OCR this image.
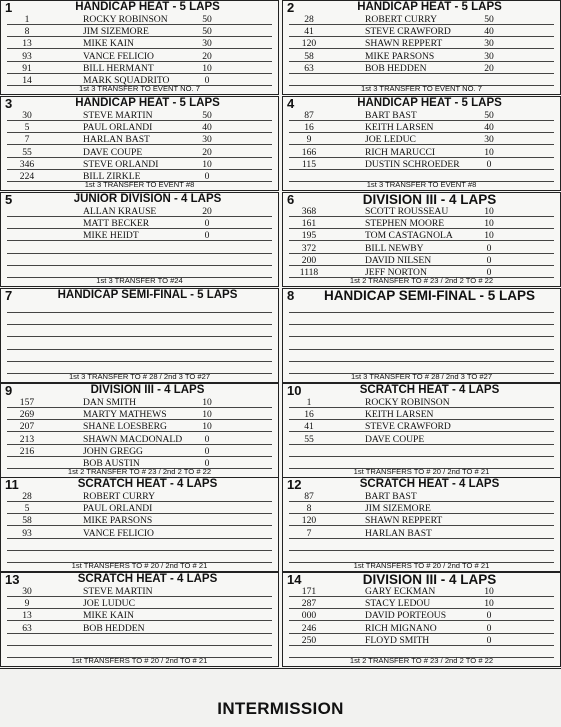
1	HANDICAP HEAT - 5 LAPS
1	ROCKY ROBINSON	50
8	JIM SIZEMORE	50
13	MIKE KAIN	30
93	VANCE FELICIO	20
91	BILL HERMANT	10
14	MARK SQUADRITO	0
1st 3 TRANSFER TO EVENT NO. 7
2	HANDICAP HEAT - 5 LAPS
28	ROBERT CURRY	50
41	STEVE CRAWFORD	40
120	SHAWN REPPERT	30
58	MIKE PARSONS	30
63	BOB HEDDEN	20
1st 3 TRANSFER TO EVENT NO. 7
3	HANDICAP HEAT - 5 LAPS
30	STEVE MARTIN	50
5	PAUL ORLANDI	40
7	HARLAN BAST	30
55	DAVE COUPE	20
346	STEVE ORLANDI	10
224	BILL ZIRKLE	0
1st 3 TRANSFER TO EVENT #8
4	HANDICAP HEAT - 5 LAPS
87	BART BAST	50
16	KEITH LARSEN	40
9	JOE LEDUC	30
166	RICH MARUCCI	10
115	DUSTIN SCHROEDER	0
1st 3 TRANSFER TO EVENT #8
5	JUNIOR DIVISION - 4 LAPS
ALLAN KRAUSE	20
MATT BECKER	0
MIKE HEIDT	0
1st 3 TRANSFER TO #24
6	DIVISION III - 4 LAPS
368	SCOTT ROUSSEAU	10
161	STEPHEN MOORE	10
195	TOM CASTAGNOLA	10
372	BILL NEWBY	0
200	DAVID NILSEN	0
1118	JEFF NORTON	0
1st 2 TRANSFER TO # 23 / 2nd 2 TO # 22
7	HANDICAP SEMI-FINAL - 5 LAPS
1st 3 TRANSFER TO # 28 / 2nd 3 TO #27
8	HANDICAP SEMI-FINAL - 5 LAPS
1st 3 TRANSFER TO # 28 / 2nd 3 TO #27
9	DIVISION III - 4 LAPS
157	DAN SMITH	10
269	MARTY MATHEWS	10
207	SHANE LOESBERG	10
213	SHAWN MACDONALD	0
216	JOHN GREGG	0
BOB AUSTIN	0
1st 2 TRANSFER TO # 23 / 2nd 2 TO # 22
10	SCRATCH HEAT - 4 LAPS
1	ROCKY ROBINSON
16	KEITH LARSEN
41	STEVE CRAWFORD
55	DAVE COUPE
1st TRANSFERS TO # 20 / 2nd TO # 21
11	SCRATCH HEAT - 4 LAPS
28	ROBERT CURRY
5	PAUL ORLANDI
58	MIKE PARSONS
93	VANCE FELICIO
1st TRANSFERS TO # 20 / 2nd TO # 21
12	SCRATCH HEAT - 4 LAPS
87	BART BAST
8	JIM SIZEMORE
120	SHAWN REPPERT
7	HARLAN BAST
1st TRANSFERS TO # 20 / 2nd TO # 21
13	SCRATCH HEAT - 4 LAPS
30	STEVE MARTIN
9	JOE LUDUC
13	MIKE KAIN
63	BOB HEDDEN
1st TRANSFERS TO # 20 / 2nd TO # 21
14	DIVISION III - 4 LAPS
171	GARY ECKMAN	10
287	STACY LEDOU	10
000	DAVID PORTEOUS	0
246	RICH MIGNANO	0
250	FLOYD SMITH	0
1st 2 TRANSFER TO # 23 / 2nd 2 TO # 22
INTERMISSION
